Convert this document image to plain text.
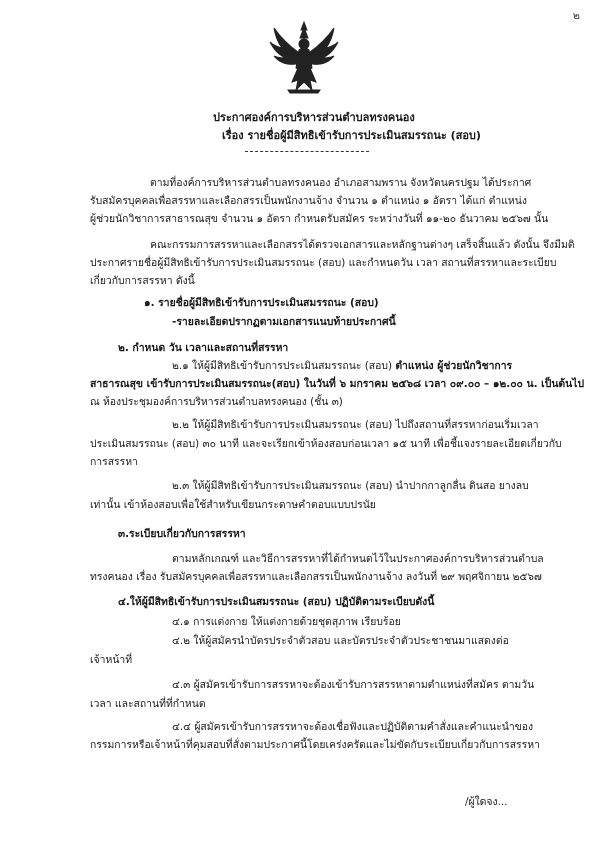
๒
ประกาศองค์การบริหารส่วนตำบลทรงคนอง
เรื่อง รายชื่อผู้มีสิทธิเข้ารับการประเมินสมรรถนะ (สอบ)
ตามที่องค์การบริหารส่วนตำบลทรงคนอง อำเภอสามพราน จังหวัดนครปฐม ได้ประกาศ
รับสมัครบุคคลเพื่อสรรหาและเลือกสรรเป็นพนักงานจ้าง จำนวน ๑ ตำแหน่ง ๑ อัตรา ได้แก่ ตำแหน่ง
ผู้ช่วยนักวิชาการสาธารณสุข จำนวน ๑ อัตรา กำหนดรับสมัคร ระหว่างวันที่ ๑๑-๒๐ ธันวาคม ๒๕๖๗ นั้น
คณะกรรมการสรรหาและเลือกสรรได้ตรวจเอกสารและหลักฐานต่างๆ เสร็จสิ้นแล้ว ดังนั้น จึงมีมติ
ประกาศรายชื่อผู้มีสิทธิเข้ารับการประเมินสมรรถนะ (สอบ) และกำหนดวัน เวลา สถานที่สรรหาและระเบียบ
เกี่ยวกับการสรรหา ดังนี้
๑. รายชื่อผู้มีสิทธิเข้ารับการประเมินสมรรถนะ (สอบ)
-รายละเอียดปรากฏตามเอกสารแนบท้ายประกาศนี้
๒. กำหนด วัน เวลาและสถานที่สรรหา
๒.๑ ให้ผู้มีสิทธิเข้ารับการประเมินสมรรถนะ (สอบ) ตำแหน่ง ผู้ช่วยนักวิชาการ
สาธารณสุข เข้ารับการประเมินสมรรถนะ(สอบ) ในวันที่ ๖ มกราคม ๒๕๖๘ เวลา ๐๙.๐๐ – ๑๒.๐๐ น. เป็นต้นไป
ณ ห้องประชุมองค์การบริหารส่วนตำบลทรงคนอง (ชั้น ๓)
๒.๒ ให้ผู้มีสิทธิเข้ารับการประเมินสมรรถนะ (สอบ) ไปถึงสถานที่สรรหาก่อนเริ่มเวลา
ประเมินสมรรถนะ (สอบ) ๓๐ นาที และจะเรียกเข้าห้องสอบก่อนเวลา ๑๕ นาที เพื่อชี้แจงรายละเอียดเกี่ยวกับ
การสรรหา
๒.๓ ให้ผู้มีสิทธิเข้ารับการประเมินสมรรถนะ (สอบ) นำปากกาลูกลื่น ดินสอ ยางลบ
เท่านั้น เข้าห้องสอบเพื่อใช้สำหรับเขียนกระดาษคำตอบแบบปรนัย
๓.ระเบียบเกี่ยวกับการสรรหา
ตามหลักเกณฑ์ และวิธีการสรรหาที่ได้กำหนดไว้ในประกาศองค์การบริหารส่วนตำบล
ทรงคนอง เรื่อง รับสมัครบุคคลเพื่อสรรหาและเลือกสรรเป็นพนักงานจ้าง ลงวันที่ ๒๙ พฤศจิกายน ๒๕๖๗
๔.ให้ผู้มีสิทธิเข้ารับการประเมินสมรรถนะ (สอบ) ปฏิบัติตามระเบียบดังนี้
๔.๑ การแต่งกาย ให้แต่งกายด้วยชุดสุภาพ เรียบร้อย
๔.๒ ให้ผู้สมัครนำบัตรประจำตัวสอบ และบัตรประจำตัวประชาชนมาแสดงต่อ
เจ้าหน้าที่
๔.๓ ผู้สมัครเข้ารับการสรรหาจะต้องเข้ารับการสรรหาตามตำแหน่งที่สมัคร ตามวัน
เวลา และสถานที่ที่กำหนด
๔.๔ ผู้สมัครเข้ารับการสรรหาจะต้องเชื่อฟังและปฏิบัติตามคำสั่งและคำแนะนำของ
กรรมการหรือเจ้าหน้าที่คุมสอบที่สั่งตามประกาศนี้โดยเคร่งครัดและไม่ขัดกับระเบียบเกี่ยวกับการสรรหา
/ผู้ใดจง...
